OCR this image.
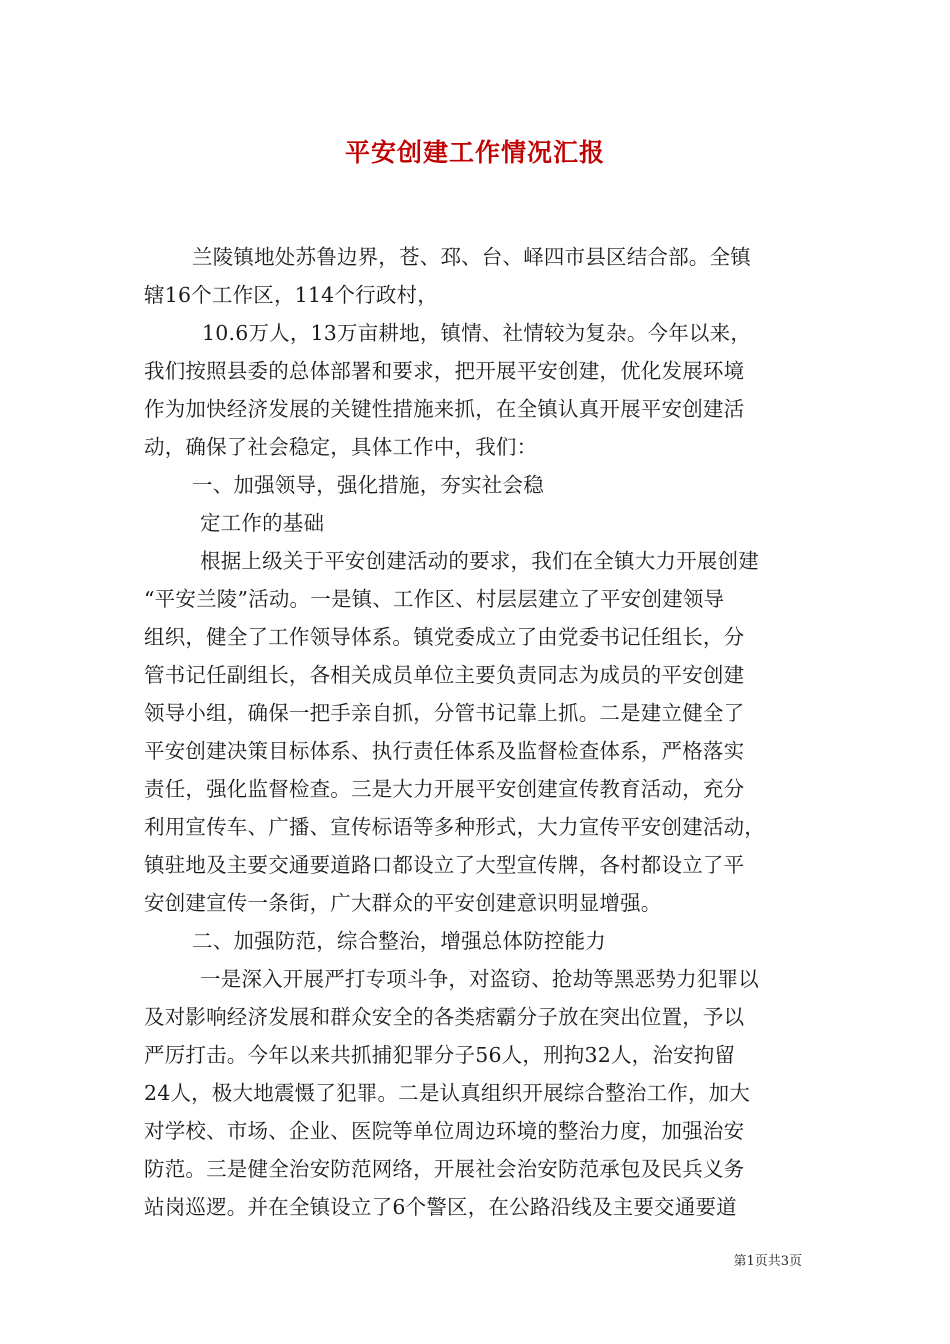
平安创建工作情况汇报
兰陵镇地处苏鲁边界，苍、邳、台、峄四市县区结合部。全镇
辖16个工作区，114个行政村，
10.6万人，13万亩耕地，镇情、社情较为复杂。今年以来，
我们按照县委的总体部署和要求，把开展平安创建，优化发展环境
作为加快经济发展的关键性措施来抓，在全镇认真开展平安创建活
动，确保了社会稳定，具体工作中，我们：
一、加强领导，强化措施，夯实社会稳
定工作的基础
根据上级关于平安创建活动的要求，我们在全镇大力开展创建
“平安兰陵”活动。一是镇、工作区、村层层建立了平安创建领导
组织，健全了工作领导体系。镇党委成立了由党委书记任组长，分
管书记任副组长，各相关成员单位主要负责同志为成员的平安创建
领导小组，确保一把手亲自抓，分管书记靠上抓。二是建立健全了
平安创建决策目标体系、执行责任体系及监督检查体系，严格落实
责任，强化监督检查。三是大力开展平安创建宣传教育活动，充分
利用宣传车、广播、宣传标语等多种形式，大力宣传平安创建活动，
镇驻地及主要交通要道路口都设立了大型宣传牌，各村都设立了平
安创建宣传一条街，广大群众的平安创建意识明显增强。
二、加强防范，综合整治，增强总体防控能力
一是深入开展严打专项斗争，对盗窃、抢劫等黑恶势力犯罪以
及对影响经济发展和群众安全的各类痞霸分子放在突出位置，予以
严厉打击。今年以来共抓捕犯罪分子56人，刑拘32人，治安拘留
24人，极大地震慑了犯罪。二是认真组织开展综合整治工作，加大
对学校、市场、企业、医院等单位周边环境的整治力度，加强治安
防范。三是健全治安防范网络，开展社会治安防范承包及民兵义务
站岗巡逻。并在全镇设立了6个警区，在公路沿线及主要交通要道
第1页共3页
